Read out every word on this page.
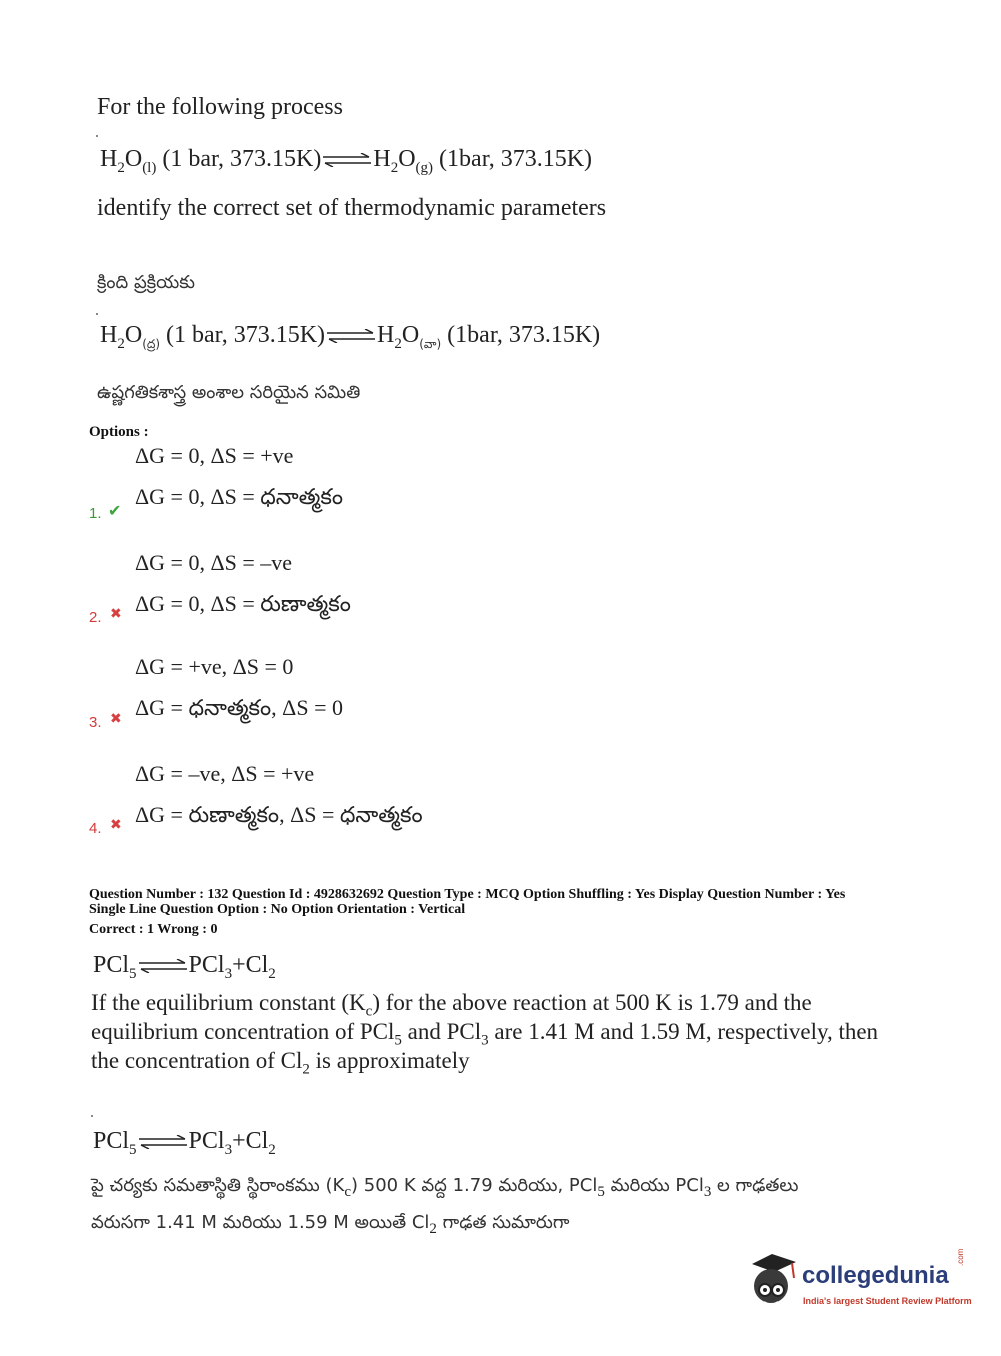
For the following process
$H_2O_{(l)}$ (1 bar, 373.15K) ⇌ $H_2O_{(g)}$ (1bar, 373.15K)
identify the correct set of thermodynamic parameters
క్రింది ప్రక్రియకు
$H_2O_{(ద్ర)}$ (1 bar, 373.15K) ⇌ $H_2O_{(వా)}$ (1bar, 373.15K)
ఉష్ణగతికశాస్త్ర అంశాల సరియైన సమితి
Options :
ΔG = 0, ΔS = +ve
ΔG = 0, ΔS = ధనాత్మకం
1. ✔
ΔG = 0, ΔS = –ve
ΔG = 0, ΔS = రుణాత్మకం
2. ✖
ΔG = +ve, ΔS = 0
ΔG = ధనాత్మకం, ΔS = 0
3. ✖
ΔG = –ve, ΔS = +ve
ΔG = రుణాత్మకం, ΔS = ధనాత్మకం
4. ✖
Question Number : 132 Question Id : 4928632692 Question Type : MCQ Option Shuffling : Yes Display Question Number : Yes
Single Line Question Option : No Option Orientation : Vertical
Correct : 1 Wrong : 0
PCl$_5$ ⇌ $PCl_3+Cl_2$
If the equilibrium constant $(K_c)$ for the above reaction at 500 K is 1.79 and the equilibrium concentration of PCl$_5$ and PCl$_3$ are 1.41 M and 1.59 M, respectively, then the concentration of $Cl_2$ is approximately
PCl$_5$ ⇌ $PCl_3+Cl_2$
పై చర్యకు సమతాస్థితి స్థిరాంకము $(K_c)$ 500 K వద్ద 1.79 మరియు, PCl$_5$ మరియు PCl$_3$ ల గాఢతలు
వరుసగా 1.41 M మరియు 1.59 M అయితే $Cl_2$ గాఢత సుమారుగా
collegedunia
.com
India's largest Student Review Platform
